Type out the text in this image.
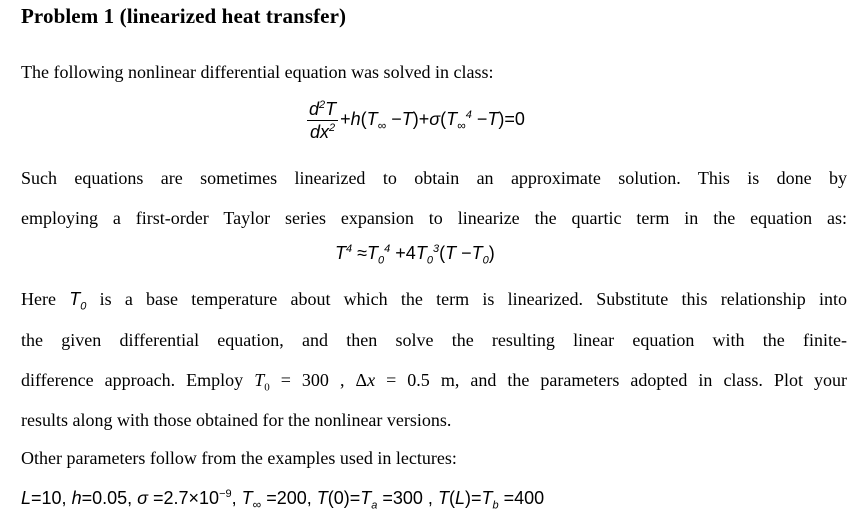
Problem 1 (linearized heat transfer)
The following nonlinear differential equation was solved in class:
$\frac{d^2T}{dx^2} +h(T_\infty -T)+\sigma(T_\infty^4 -T)=0$
Such equations are sometimes linearized to obtain an approximate solution. This is done by
employing a first-order Taylor series expansion to linearize the quartic term in the equation as:
$T^4 \approx T_0^4 +4T_0^3(T -T_0)$
Here $T_0$ is a base temperature about which the term is linearized. Substitute this relationship into
the given differential equation, and then solve the resulting linear equation with the finite-
difference approach. Employ $T_0 = 300$ , Δx = 0.5 m, and the parameters adopted in class. Plot your
results along with those obtained for the nonlinear versions.
Other parameters follow from the examples used in lectures:
L=10, h=0.05, $\sigma =2.7\times 10^{-9}$, $T_\infty =200$, $T(0)=T_a =300$ , $T(L)=T_b =400$
